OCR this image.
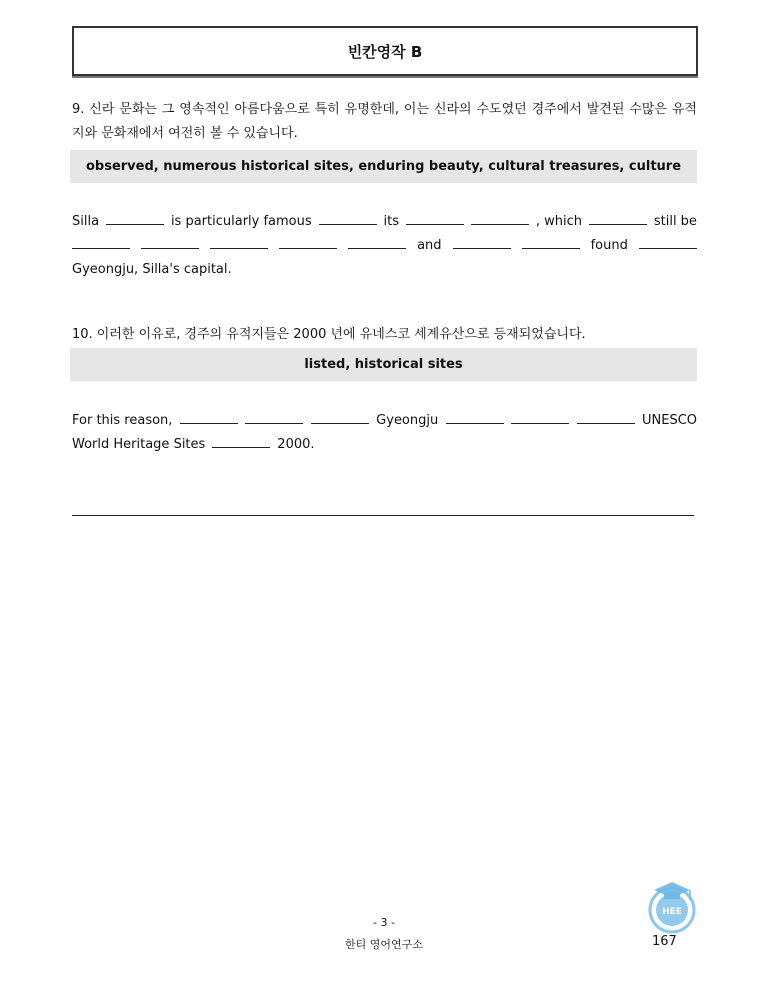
빈칸영작 B
9. 신라 문화는 그 영속적인 아름다움으로 특히 유명한데, 이는 신라의 수도였던 경주에서 발견된 수많은 유적지와 문화재에서 여전히 볼 수 있습니다.
observed, numerous historical sites, enduring beauty, cultural treasures, culture
Silla	is particularly famous	its	, which	still be
and	found
Gyeongju, Silla's capital.
10. 이러한 이유로, 경주의 유적지들은 2000 년에 유네스코 세계유산으로 등재되었습니다.
listed, historical sites
For this reason,	Gyeongju	UNESCO
World Heritage Sites	2000.
- 3 -
한티 영어연구소
HEE
167
